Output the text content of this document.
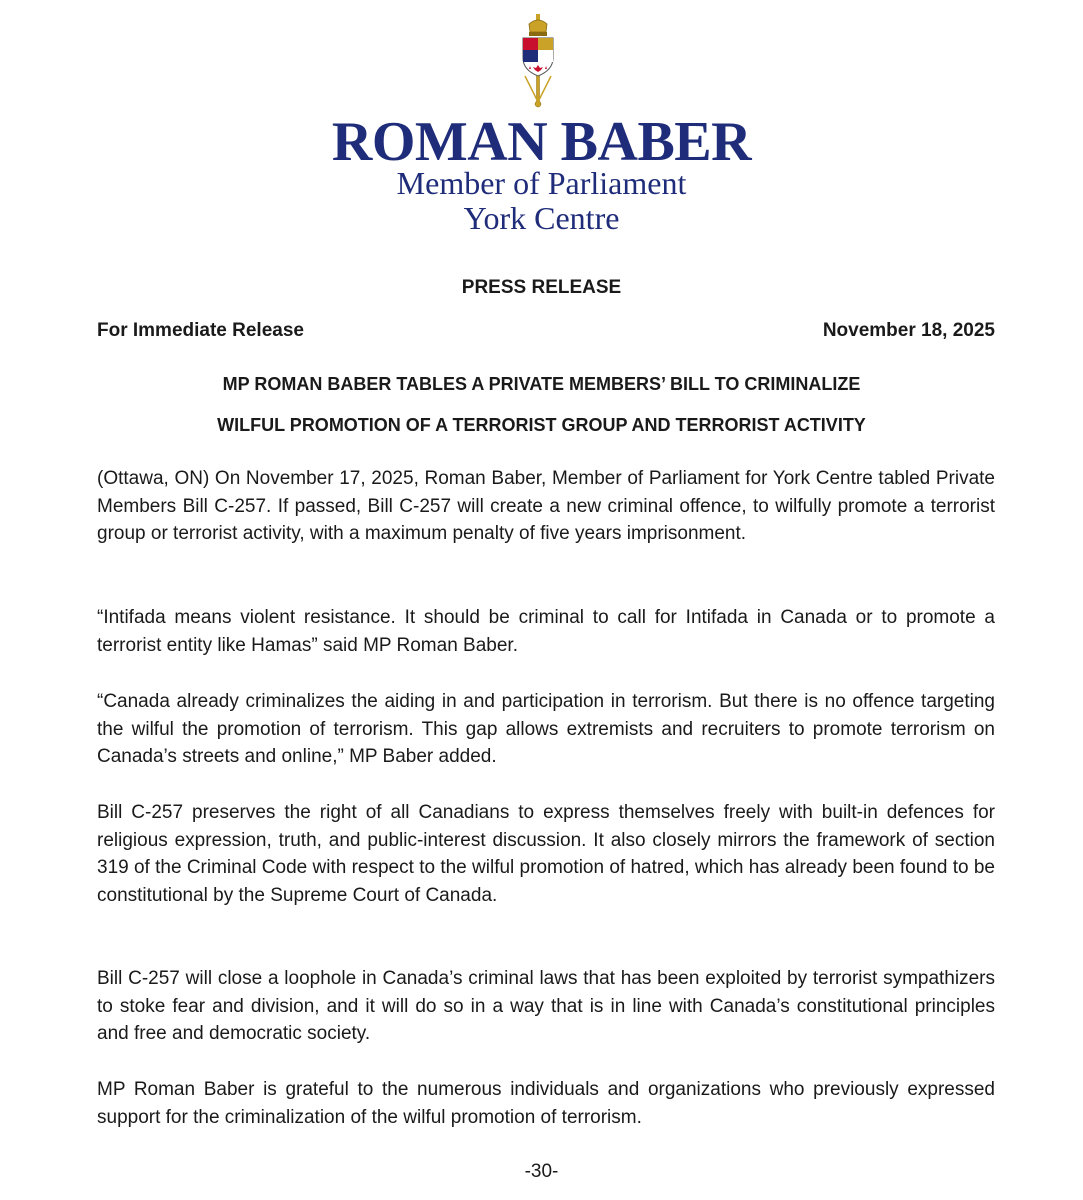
ROMAN BABER
Member of Parliament
York Centre
PRESS RELEASE
For Immediate Release	November 18, 2025
MP ROMAN BABER TABLES A PRIVATE MEMBERS’ BILL TO CRIMINALIZE
WILFUL PROMOTION OF A TERRORIST GROUP AND TERRORIST ACTIVITY

(Ottawa, ON) On November 17, 2025, Roman Baber, Member of Parliament for York Centre tabled Private Members Bill C-257. If passed, Bill C-257 will create a new criminal offence, to wilfully promote a terrorist group or terrorist activity, with a maximum penalty of five years imprisonment.

“Intifada means violent resistance. It should be criminal to call for Intifada in Canada or to promote a terrorist entity like Hamas” said MP Roman Baber.

“Canada already criminalizes the aiding in and participation in terrorism. But there is no offence targeting the wilful the promotion of terrorism. This gap allows extremists and recruiters to promote terrorism on Canada’s streets and online,” MP Baber added.

Bill C-257 preserves the right of all Canadians to express themselves freely with built-in defences for religious expression, truth, and public-interest discussion. It also closely mirrors the framework of section 319 of the Criminal Code with respect to the wilful promotion of hatred, which has already been found to be constitutional by the Supreme Court of Canada.

Bill C-257 will close a loophole in Canada’s criminal laws that has been exploited by terrorist sympathizers to stoke fear and division, and it will do so in a way that is in line with Canada’s constitutional principles and free and democratic society.

MP Roman Baber is grateful to the numerous individuals and organizations who previously expressed support for the criminalization of the wilful promotion of terrorism.

-30-
